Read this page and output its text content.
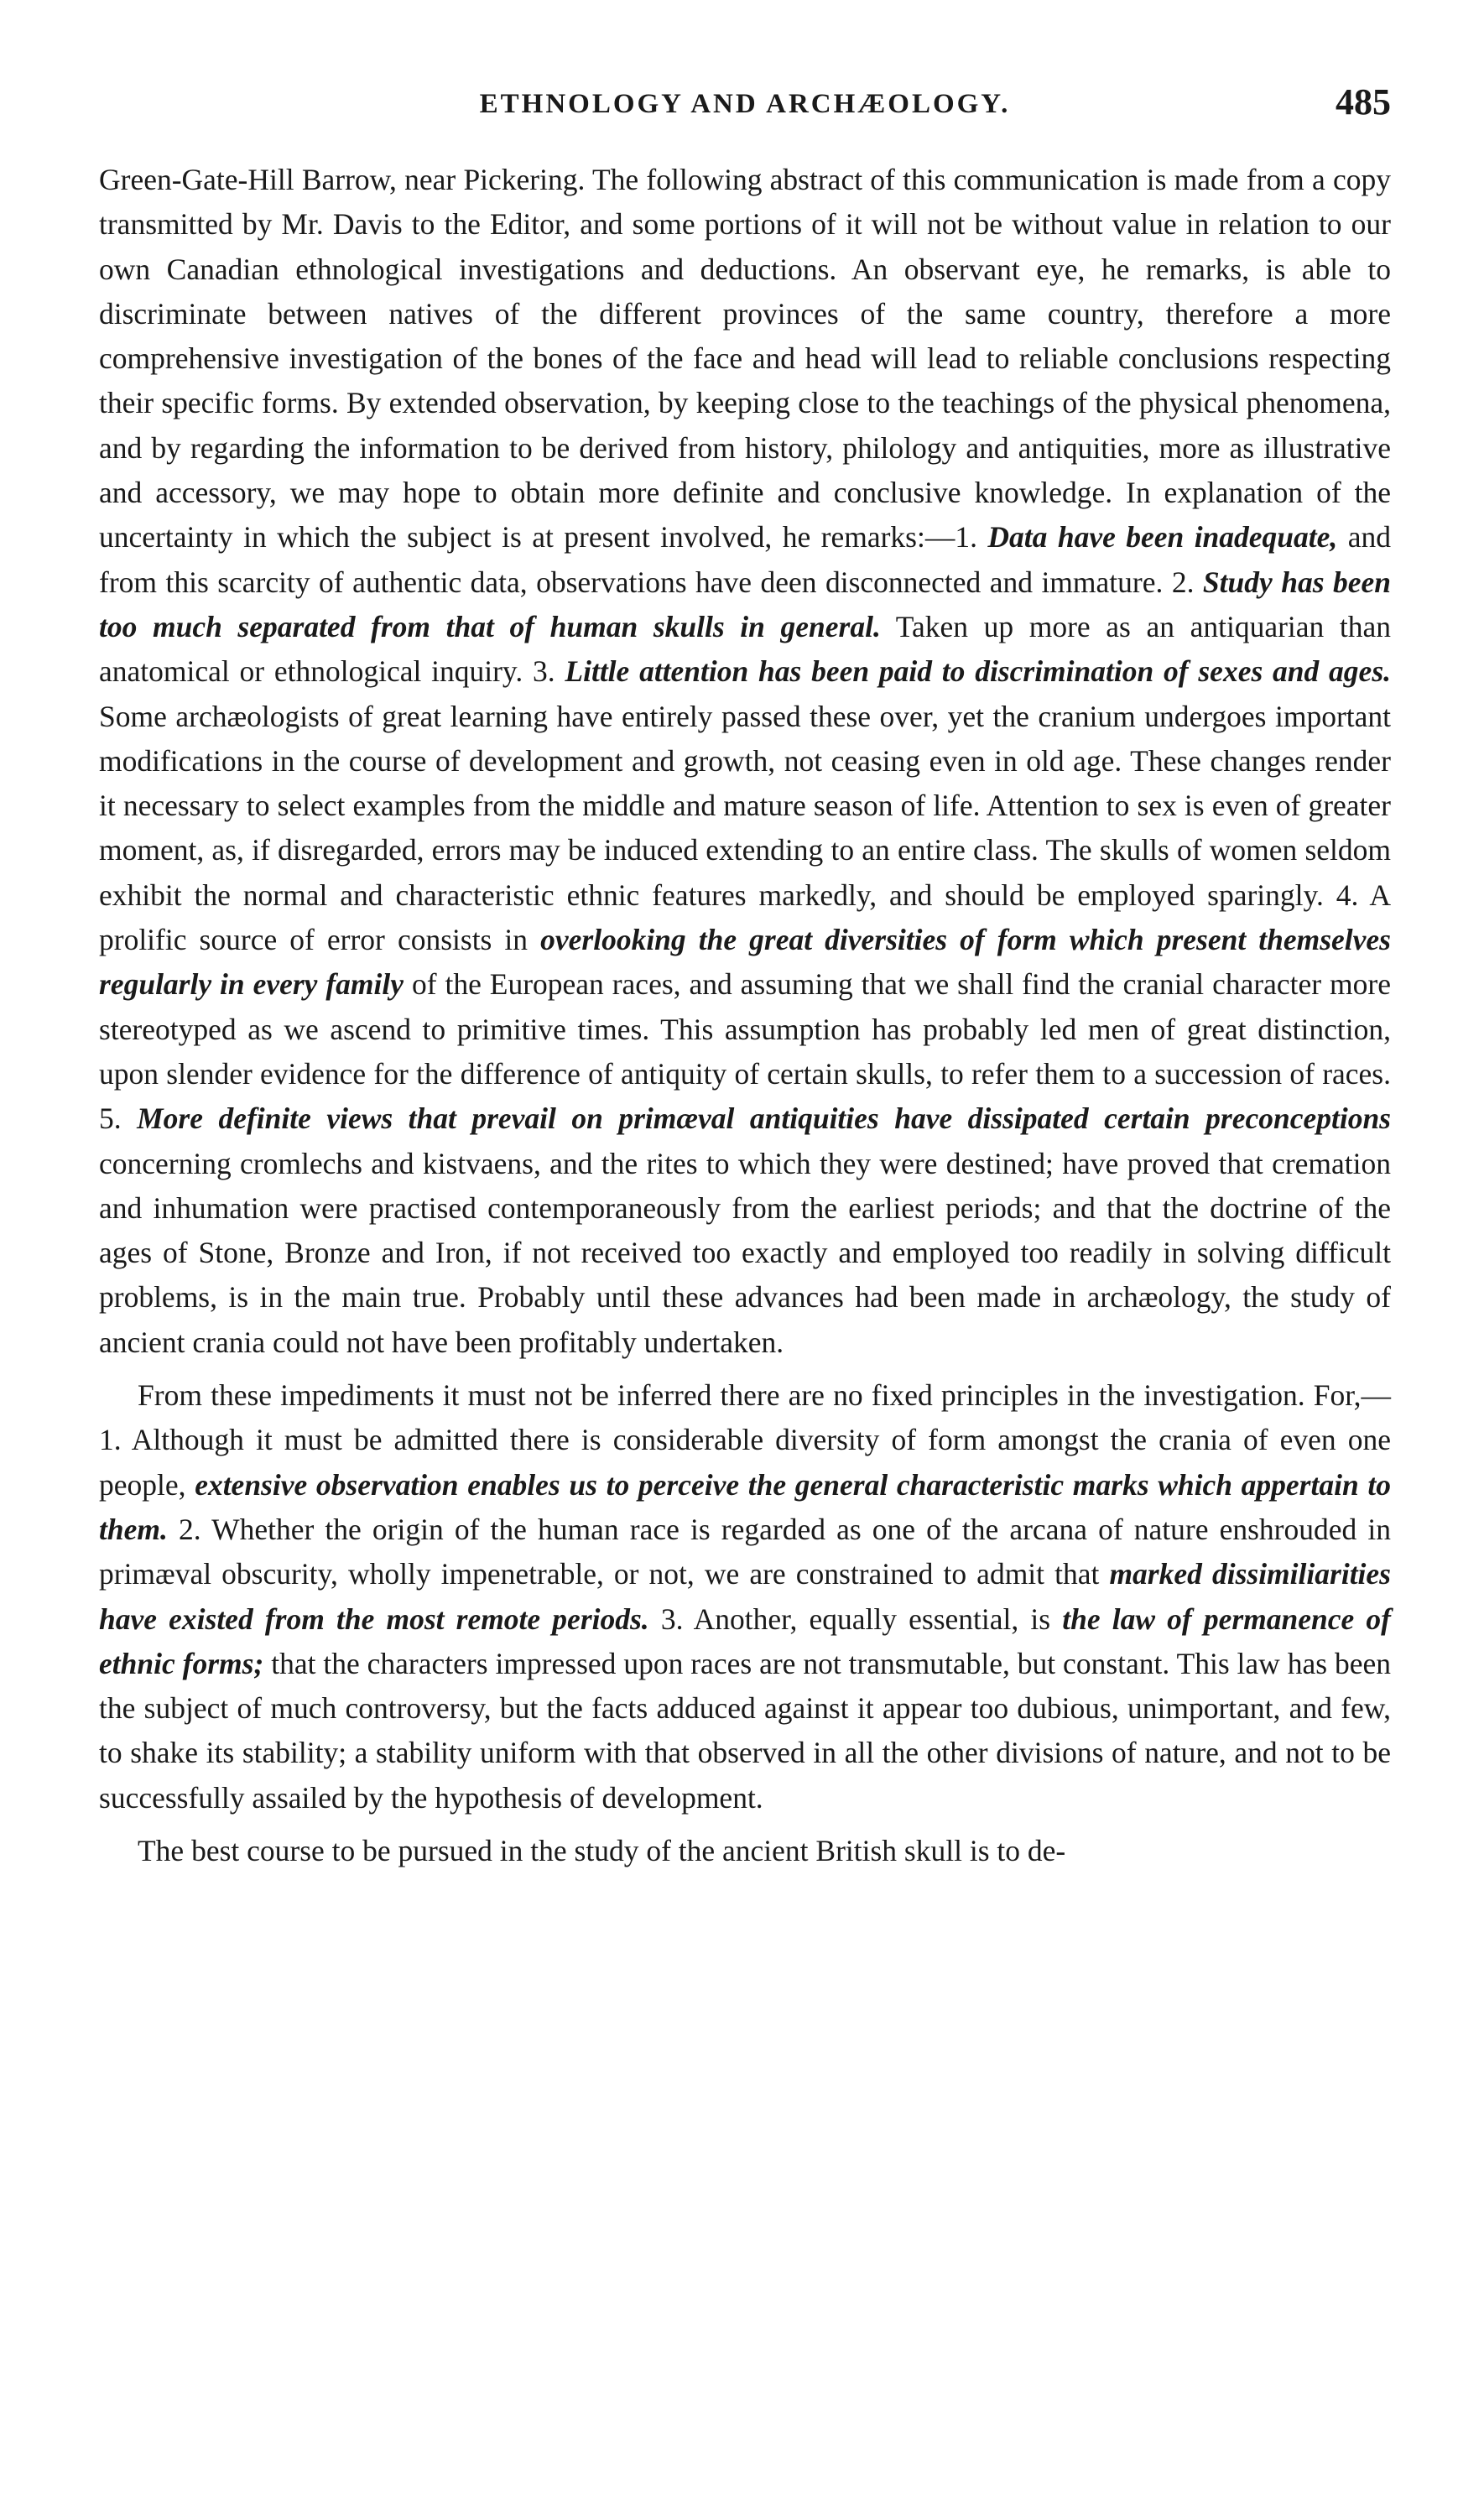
ETHNOLOGY AND ARCHÆOLOGY.	485

Green-Gate-Hill Barrow, near Pickering. The following abstract of this communication is made from a copy transmitted by Mr. Davis to the Editor, and some portions of it will not be without value in relation to our own Canadian ethnological investigations and deductions. An observant eye, he remarks, is able to discriminate between natives of the different provinces of the same country, therefore a more comprehensive investigation of the bones of the face and head will lead to reliable conclusions respecting their specific forms. By extended observation, by keeping close to the teachings of the physical phenomena, and by regarding the information to be derived from history, philology and antiquities, more as illustrative and accessory, we may hope to obtain more definite and conclusive knowledge. In explanation of the uncertainty in which the subject is at present involved, he remarks:—1. Data have been inadequate, and from this scarcity of authentic data, observations have deen disconnected and immature. 2. Study has been too much separated from that of human skulls in general. Taken up more as an antiquarian than anatomical or ethnological inquiry. 3. Little attention has been paid to discrimination of sexes and ages. Some archæologists of great learning have entirely passed these over, yet the cranium undergoes important modifications in the course of development and growth, not ceasing even in old age. These changes render it necessary to select examples from the middle and mature season of life. Attention to sex is even of greater moment, as, if disregarded, errors may be induced extending to an entire class. The skulls of women seldom exhibit the normal and characteristic ethnic features markedly, and should be employed sparingly. 4. A prolific source of error consists in overlooking the great diversities of form which present themselves regularly in every family of the European races, and assuming that we shall find the cranial character more stereotyped as we ascend to primitive times. This assumption has probably led men of great distinction, upon slender evidence for the difference of antiquity of certain skulls, to refer them to a succession of races. 5. More definite views that prevail on primæval antiquities have dissipated certain preconceptions concerning cromlechs and kistvaens, and the rites to which they were destined; have proved that cremation and inhumation were practised contemporaneously from the earliest periods; and that the doctrine of the ages of Stone, Bronze and Iron, if not received too exactly and employed too readily in solving difficult problems, is in the main true. Probably until these advances had been made in archæology, the study of ancient crania could not have been profitably undertaken.

From these impediments it must not be inferred there are no fixed principles in the investigation. For,—1. Although it must be admitted there is considerable diversity of form amongst the crania of even one people, extensive observation enables us to perceive the general characteristic marks which appertain to them. 2. Whether the origin of the human race is regarded as one of the arcana of nature enshrouded in primæval obscurity, wholly impenetrable, or not, we are constrained to admit that marked dissimiliarities have existed from the most remote periods. 3. Another, equally essential, is the law of permanence of ethnic forms; that the characters impressed upon races are not transmutable, but constant. This law has been the subject of much controversy, but the facts adduced against it appear too dubious, unimportant, and few, to shake its stability; a stability uniform with that observed in all the other divisions of nature, and not to be successfully assailed by the hypothesis of development.

The best course to be pursued in the study of the ancient British skull is to de-
